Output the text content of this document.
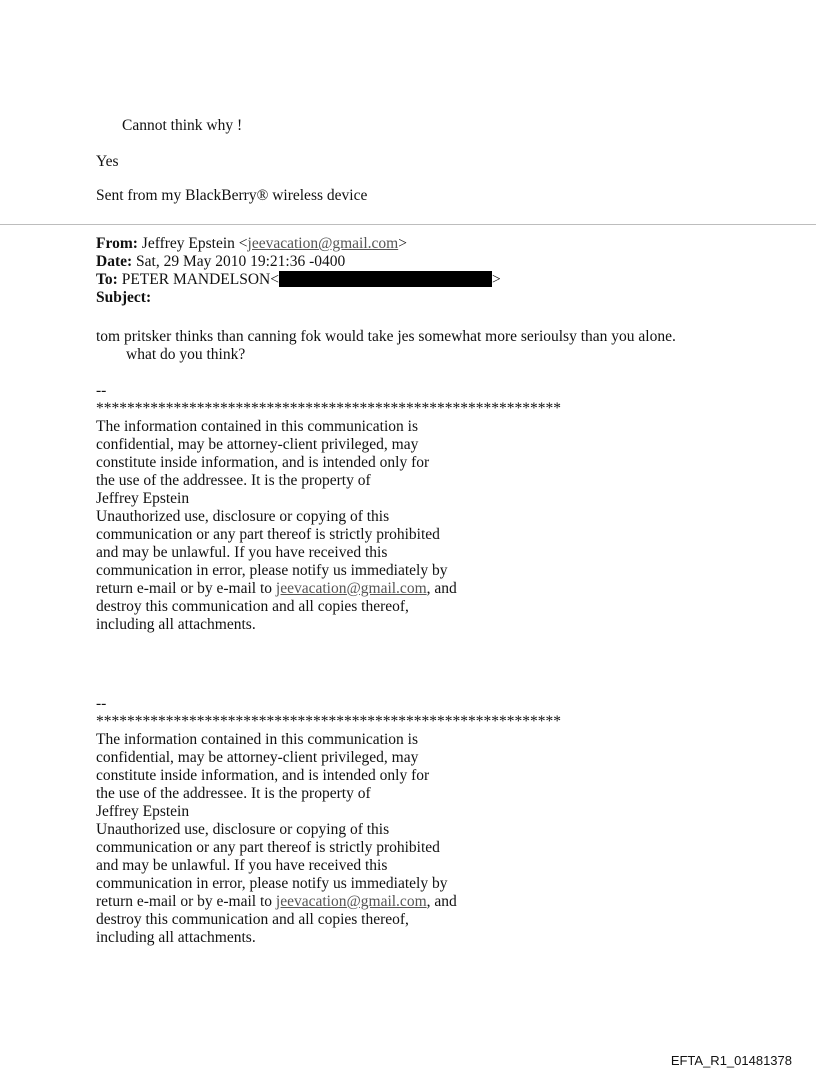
Cannot think why !
Yes
Sent from my BlackBerry® wireless device
From: Jeffrey Epstein <jeevacation@gmail.com>
Date: Sat, 29 May 2010 19:21:36 -0400
To: PETER MANDELSON<	>
Subject:
tom pritsker thinks than canning fok would take jes somewhat more serioulsy than you alone.
what do you think?
--
************************************************************
The information contained in this communication is
confidential, may be attorney-client privileged, may
constitute inside information, and is intended only for
the use of the addressee. It is the property of
Jeffrey Epstein
Unauthorized use, disclosure or copying of this
communication or any part thereof is strictly prohibited
and may be unlawful. If you have received this
communication in error, please notify us immediately by
return e-mail or by e-mail to jeevacation@gmail.com, and
destroy this communication and all copies thereof,
including all attachments.
--
************************************************************
The information contained in this communication is
confidential, may be attorney-client privileged, may
constitute inside information, and is intended only for
the use of the addressee. It is the property of
Jeffrey Epstein
Unauthorized use, disclosure or copying of this
communication or any part thereof is strictly prohibited
and may be unlawful. If you have received this
communication in error, please notify us immediately by
return e-mail or by e-mail to jeevacation@gmail.com, and
destroy this communication and all copies thereof,
including all attachments.
EFTA_R1_01481378
